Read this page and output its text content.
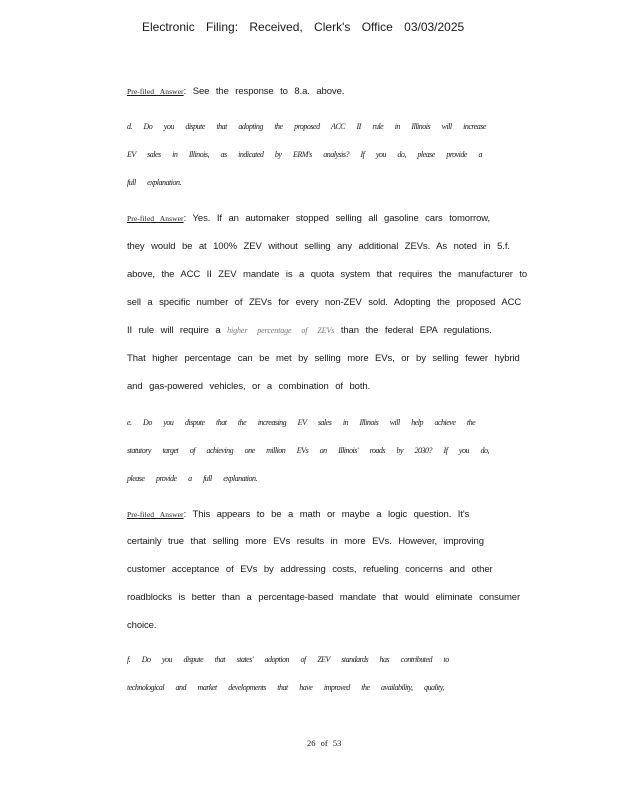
Electronic Filing: Received, Clerk's Office 03/03/2025
Pre-filed Answer: See the response to 8.a. above.
d. Do you dispute that adopting the proposed ACC II rule in Illinois will increase
EV sales in Illinois, as indicated by ERM's analysis? If you do, please provide a
full explanation.
Pre-filed Answer: Yes. If an automaker stopped selling all gasoline cars tomorrow,
they would be at 100% ZEV without selling any additional ZEVs. As noted in 5.f.
above, the ACC II ZEV mandate is a quota system that requires the manufacturer to
sell a specific number of ZEVs for every non-ZEV sold. Adopting the proposed ACC
II rule will require a higher percentage of ZEVs than the federal EPA regulations.
That higher percentage can be met by selling more EVs, or by selling fewer hybrid
and gas-powered vehicles, or a combination of both.
e. Do you dispute that the increasing EV sales in Illinois will help achieve the
statutory target of achieving one million EVs on Illinois' roads by 2030? If you do,
please provide a full explanation.
Pre-filed Answer: This appears to be a math or maybe a logic question. It's
certainly true that selling more EVs results in more EVs. However, improving
customer acceptance of EVs by addressing costs, refueling concerns and other
roadblocks is better than a percentage-based mandate that would eliminate consumer
choice.
f. Do you dispute that states' adoption of ZEV standards has contributed to
technological and market developments that have improved the availability, quality,
26 of 53
